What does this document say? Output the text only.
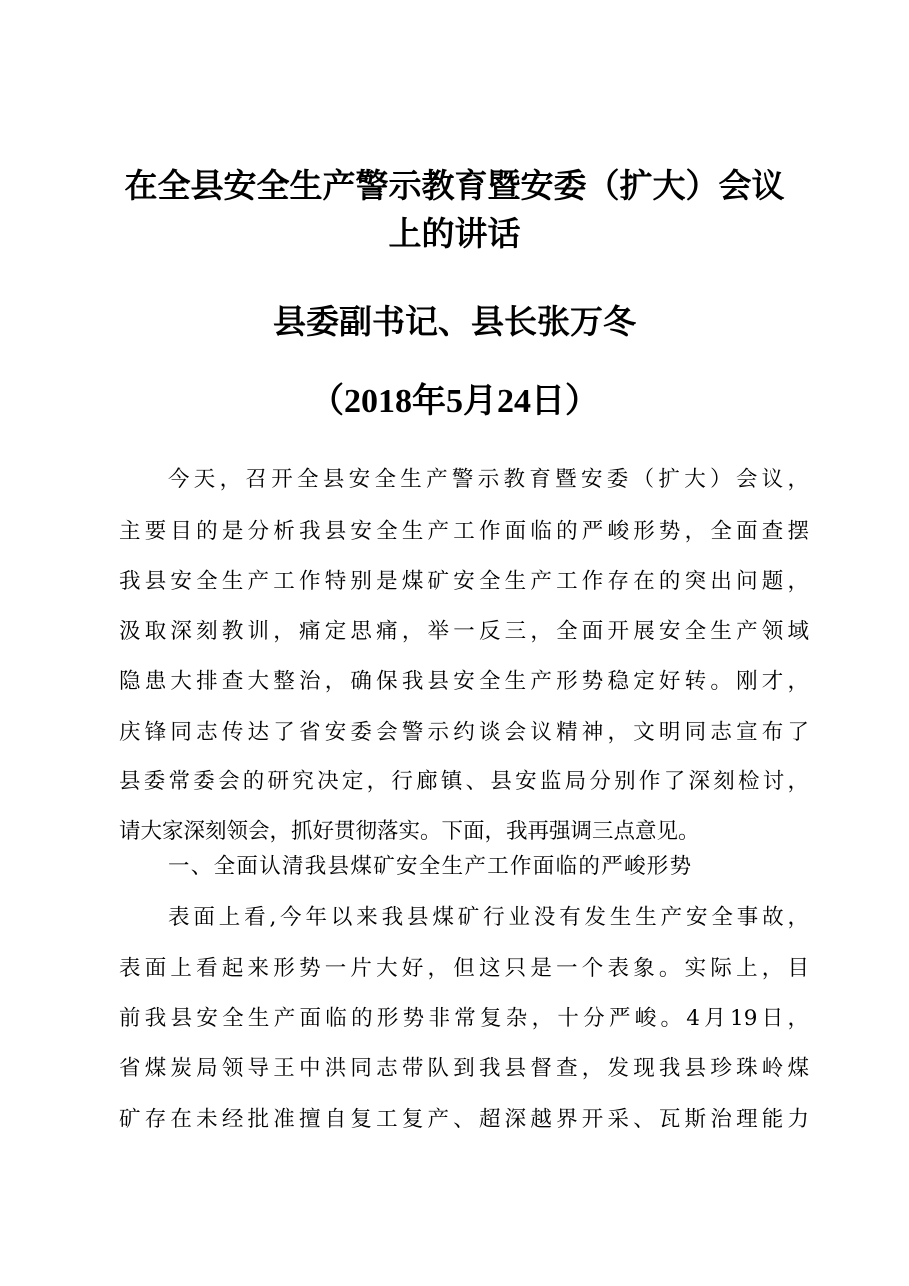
在全县安全生产警示教育暨安委（扩大）会议
上的讲话
县委副书记、县长张万冬
（2018年5月24日）
今天，召开全县安全生产警示教育暨安委（扩大）会议，
主要目的是分析我县安全生产工作面临的严峻形势，全面查摆
我县安全生产工作特别是煤矿安全生产工作存在的突出问题，
汲取深刻教训，痛定思痛，举一反三，全面开展安全生产领域
隐患大排查大整治，确保我县安全生产形势稳定好转。刚才，
庆锋同志传达了省安委会警示约谈会议精神，文明同志宣布了
县委常委会的研究决定，行廊镇、县安监局分别作了深刻检讨，
请大家深刻领会，抓好贯彻落实。下面，我再强调三点意见。
一、全面认清我县煤矿安全生产工作面临的严峻形势
表面上看,今年以来我县煤矿行业没有发生生产安全事故，
表面上看起来形势一片大好，但这只是一个表象。实际上，目
前我县安全生产面临的形势非常复杂，十分严峻。4月19日，
省煤炭局领导王中洪同志带队到我县督查，发现我县珍珠岭煤
矿存在未经批准擅自复工复产、超深越界开采、瓦斯治理能力
